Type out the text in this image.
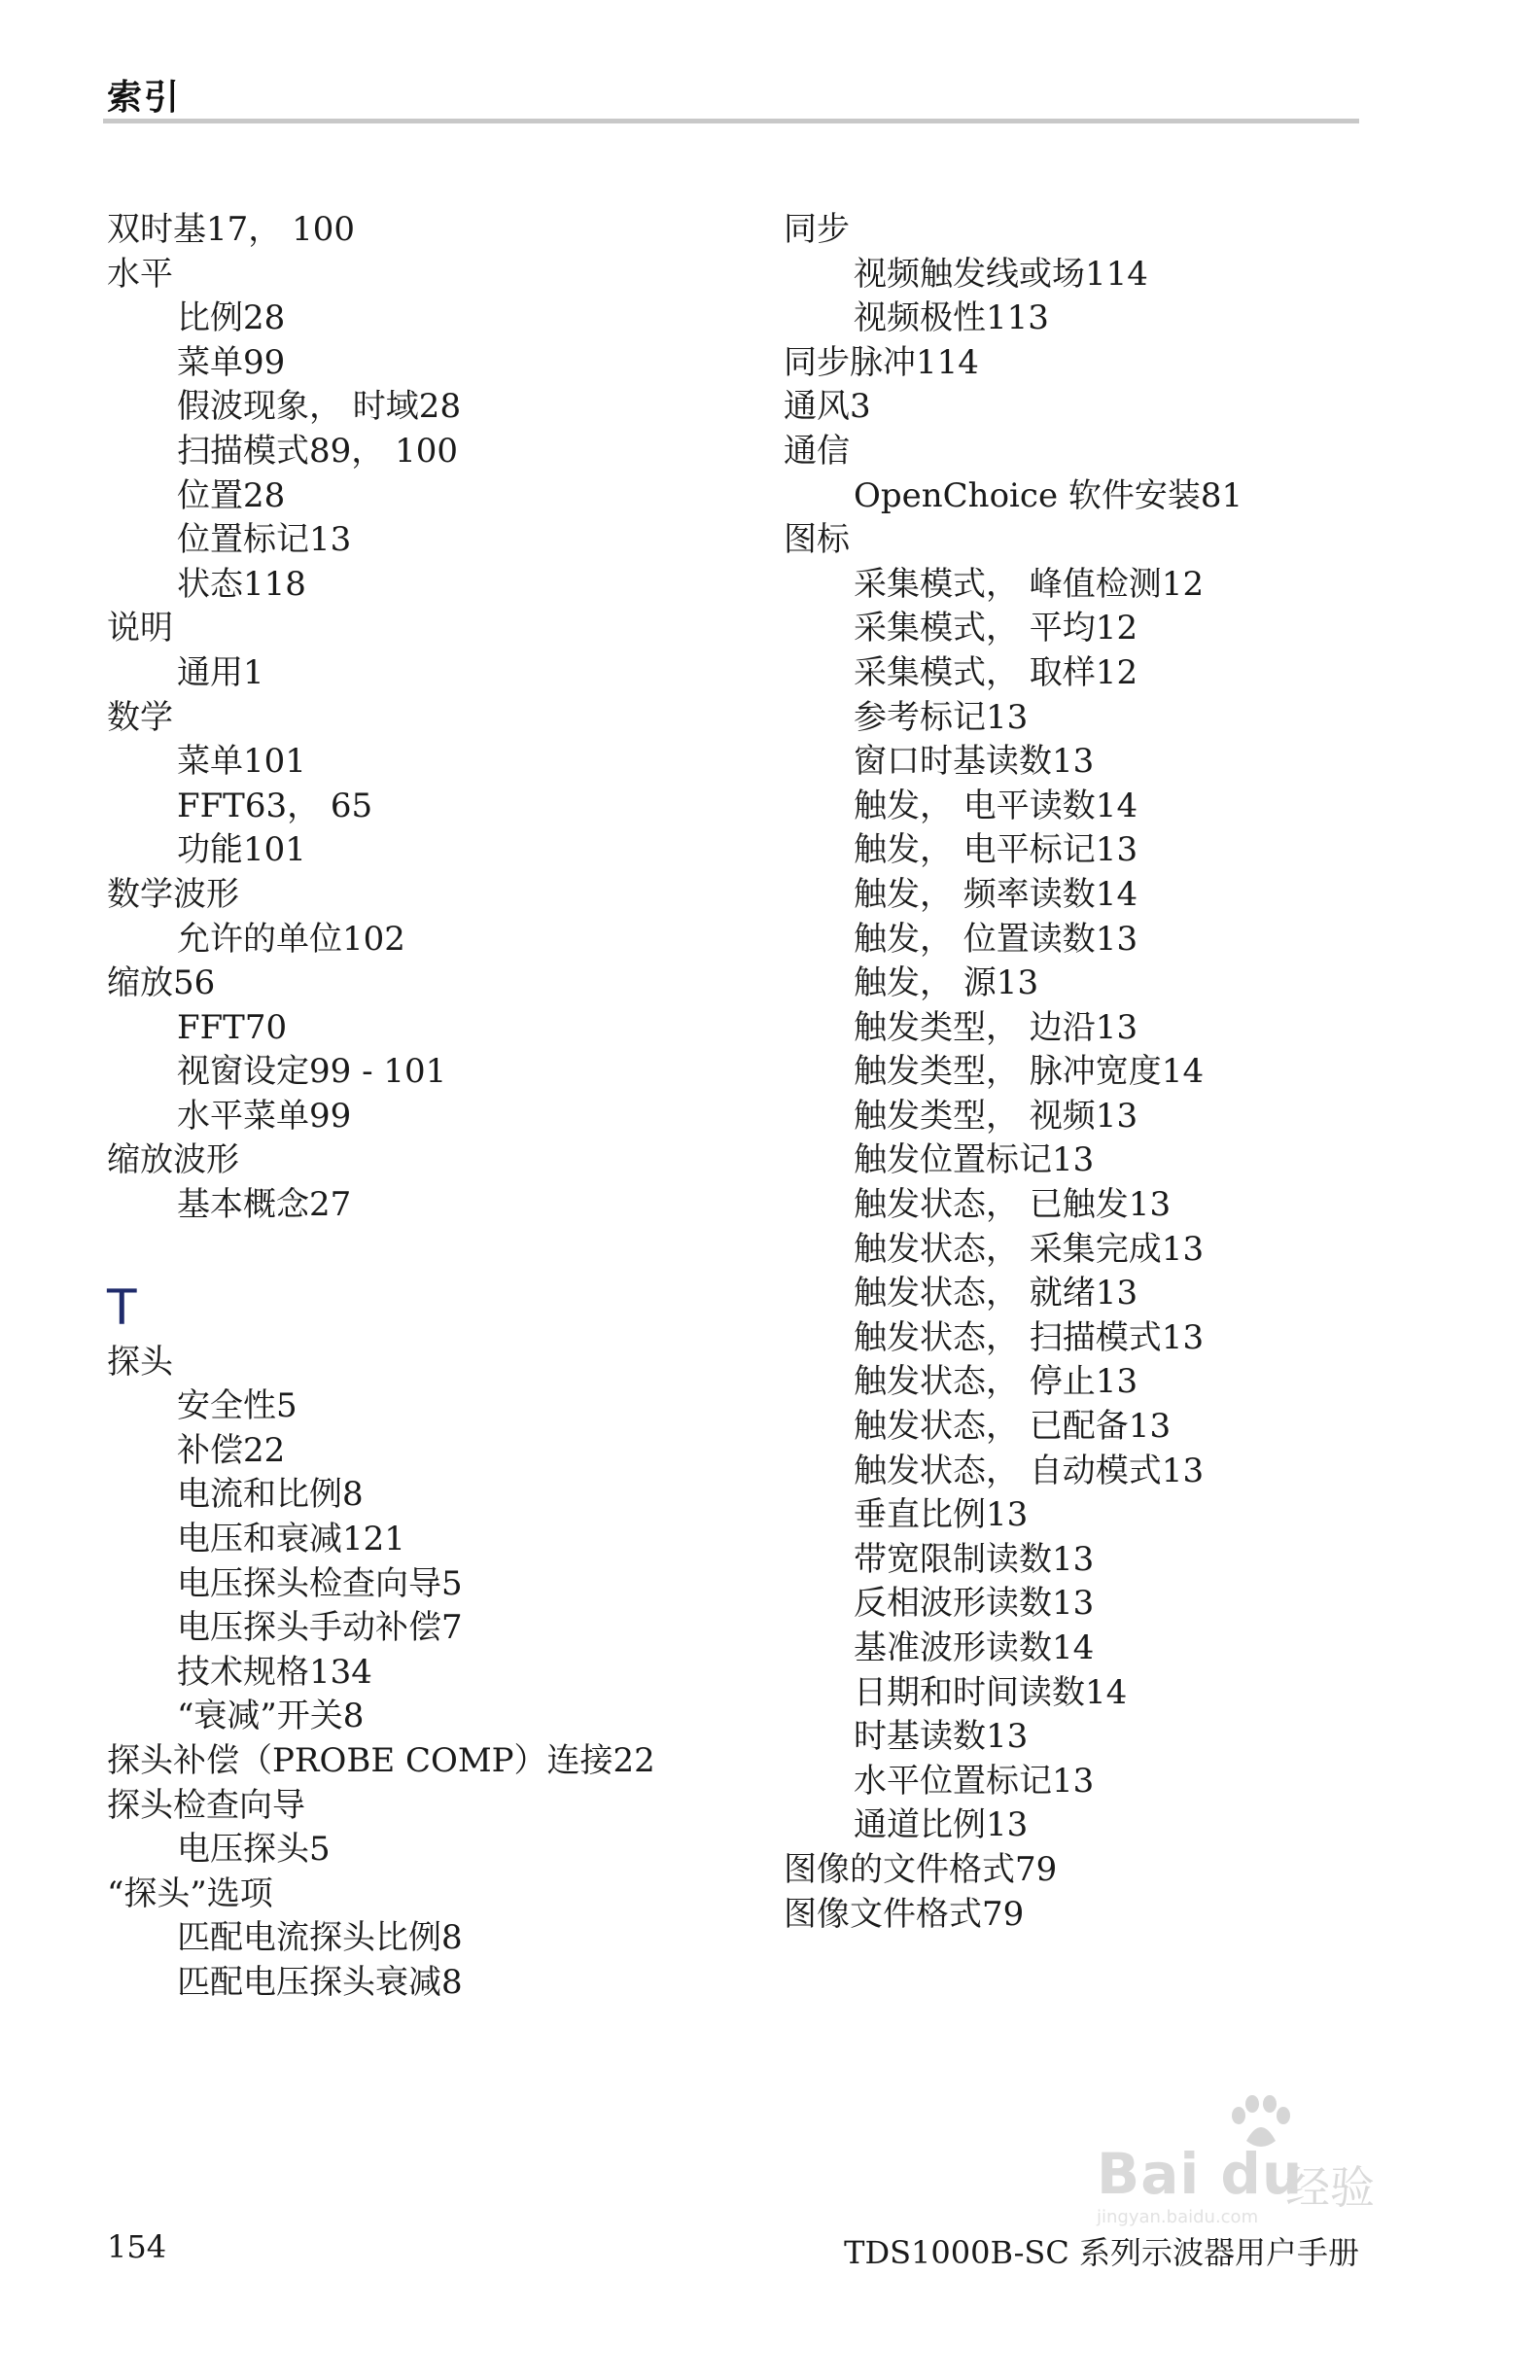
索引
双时基17， 100
水平
比例28
菜单99
假波现象， 时域28
扫描模式89， 100
位置28
位置标记13
状态118
说明
通用1
数学
菜单101
FFT63， 65
功能101
数学波形
允许的单位102
缩放56
FFT70
视窗设定99 - 101
水平菜单99
缩放波形
基本概念27
T
探头
安全性5
补偿22
电流和比例8
电压和衰减121
电压探头检查向导5
电压探头手动补偿7
技术规格134
“衰减”开关8
探头补偿（PROBE COMP）连接22
探头检查向导
电压探头5
“探头”选项
匹配电流探头比例8
匹配电压探头衰减8
同步
视频触发线或场114
视频极性113
同步脉冲114
通风3
通信
OpenChoice 软件安装81
图标
采集模式， 峰值检测12
采集模式， 平均12
采集模式， 取样12
参考标记13
窗口时基读数13
触发， 电平读数14
触发， 电平标记13
触发， 频率读数14
触发， 位置读数13
触发， 源13
触发类型， 边沿13
触发类型， 脉冲宽度14
触发类型， 视频13
触发位置标记13
触发状态， 已触发13
触发状态， 采集完成13
触发状态， 就绪13
触发状态， 扫描模式13
触发状态， 停止13
触发状态， 已配备13
触发状态， 自动模式13
垂直比例13
带宽限制读数13
反相波形读数13
基准波形读数14
日期和时间读数14
时基读数13
水平位置标记13
通道比例13
图像的文件格式79
图像文件格式79
154	TDS1000B-SC 系列示波器用户手册
Bai du
经验
jingyan.baidu.com
